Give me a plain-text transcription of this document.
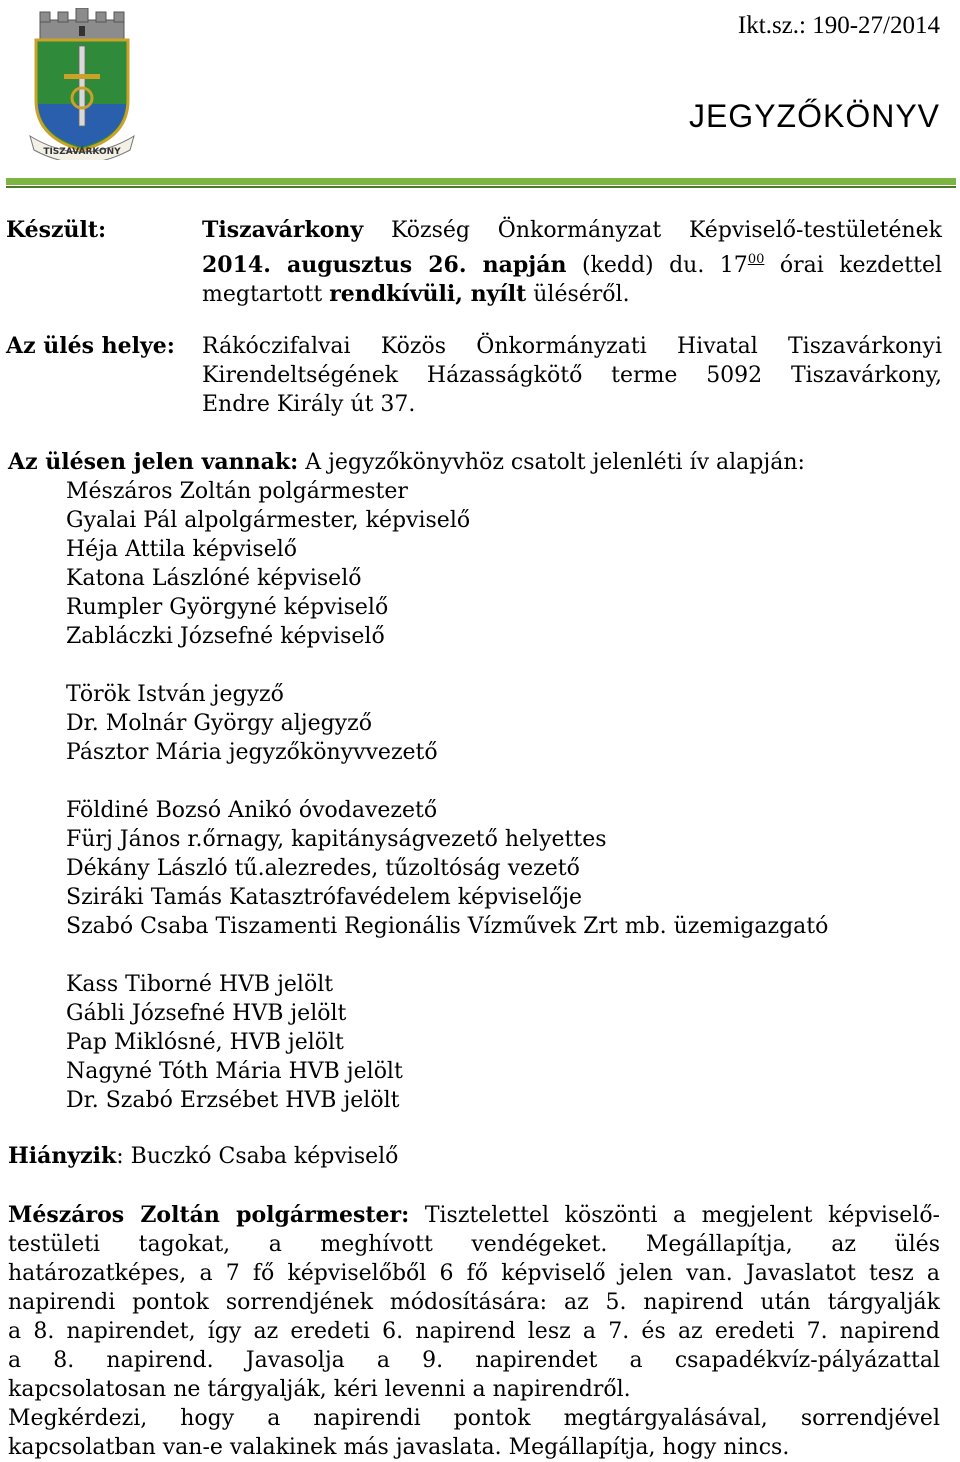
TISZAVÁRKONY
Ikt.sz.: 190-27/2014
JEGYZŐKÖNYV
Készült:	Tiszavárkony Község Önkormányzat Képviselő-testületének
2014. augusztus 26. napján (kedd) du. $17^{00}$ órai kezdettel
megtartott rendkívüli, nyílt üléséről.
Az ülés helye: Rákóczifalvai Közös Önkormányzati Hivatal Tiszavárkonyi
Kirendeltségének Házasságkötő terme 5092 Tiszavárkony,
Endre Király út 37.
Az ülésen jelen vannak: A jegyzőkönyvhöz csatolt jelenléti ív alapján:
Mészáros Zoltán polgármester
Gyalai Pál alpolgármester, képviselő
Héja Attila képviselő
Katona Lászlóné képviselő
Rumpler Györgyné képviselő
Zabláczki Józsefné képviselő
Török István jegyző
Dr. Molnár György aljegyző
Pásztor Mária jegyzőkönyvvezető
Földiné Bozsó Anikó óvodavezető
Fürj János r.őrnagy, kapitányságvezető helyettes
Dékány László tű.alezredes, tűzoltóság vezető
Sziráki Tamás Katasztrófavédelem képviselője
Szabó Csaba Tiszamenti Regionális Vízművek Zrt mb. üzemigazgató
Kass Tiborné HVB jelölt
Gábli Józsefné HVB jelölt
Pap Miklósné, HVB jelölt
Nagyné Tóth Mária HVB jelölt
Dr. Szabó Erzsébet HVB jelölt
Hiányzik: Buczkó Csaba képviselő
Mészáros Zoltán polgármester: Tisztelettel köszönti a megjelent képviselő-
testületi tagokat, a meghívott vendégeket. Megállapítja, az ülés
határozatképes, a 7 fő képviselőből 6 fő képviselő jelen van. Javaslatot tesz a
napirendi pontok sorrendjének módosítására: az 5. napirend után tárgyalják
a 8. napirendet, így az eredeti 6. napirend lesz a 7. és az eredeti 7. napirend
a 8. napirend. Javasolja a 9. napirendet a csapadékvíz-pályázattal
kapcsolatosan ne tárgyalják, kéri levenni a napirendről.
Megkérdezi, hogy a napirendi pontok megtárgyalásával, sorrendjével
kapcsolatban van-e valakinek más javaslata. Megállapítja, hogy nincs.
